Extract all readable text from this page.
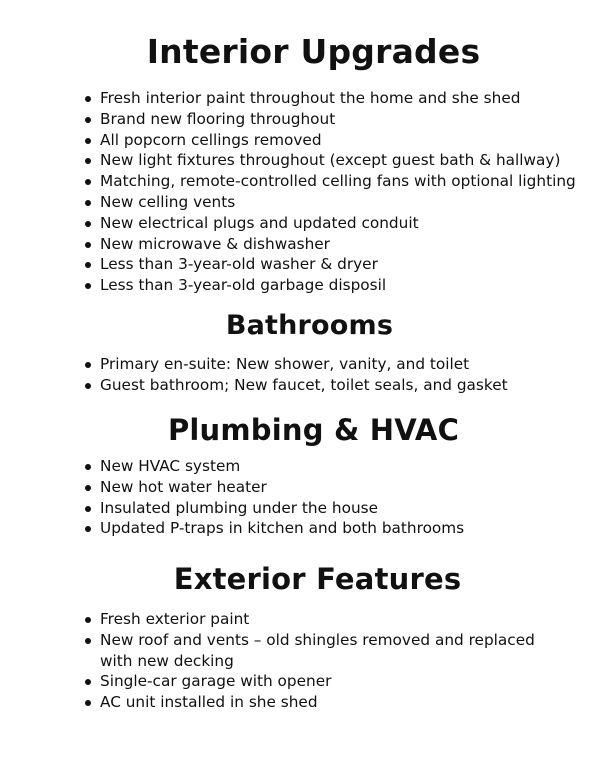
Interior Upgrades
Fresh interior paint throughout the home and she shed
Brand new flooring throughout
All popcorn cellings removed
New light fixtures throughout (except guest bath & hallway)
Matching, remote-controlled celling fans with optional lighting
New celling vents
New electrical plugs and updated conduit
New microwave & dishwasher
Less than 3-year-old washer & dryer
Less than 3-year-old garbage disposil
Bathrooms
Primary en-suite: New shower, vanity, and toilet
Guest bathroom; New faucet, toilet seals, and gasket
Plumbing & HVAC
New HVAC system
New hot water heater
Insulated plumbing under the house
Updated P-traps in kitchen and both bathrooms
Exterior Features
Fresh exterior paint
New roof and vents – old shingles removed and replaced with new decking
Single-car garage with opener
AC unit installed in she shed
